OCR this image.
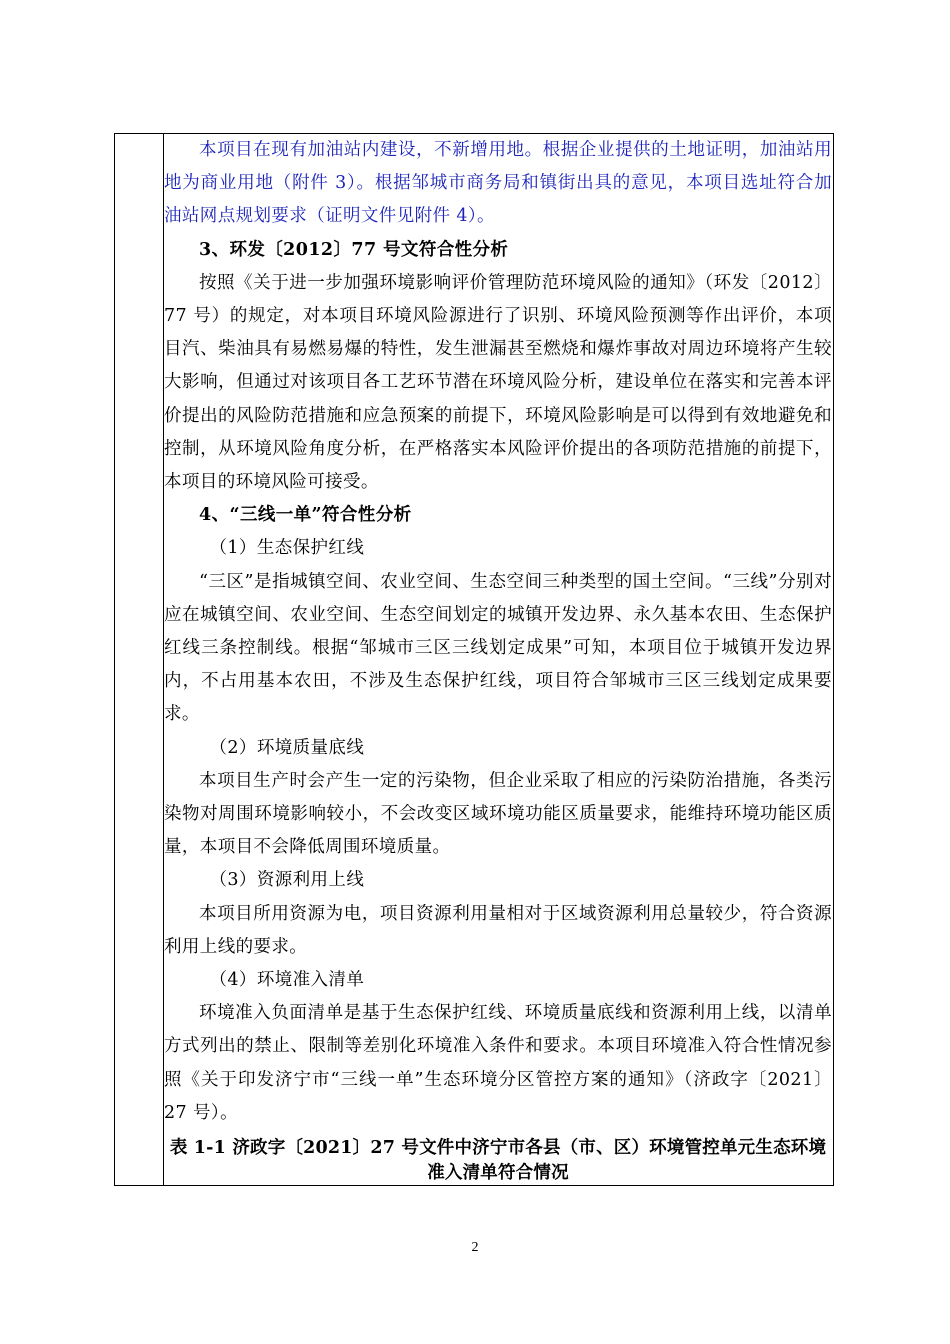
本项目在现有加油站内建设，不新增用地。根据企业提供的土地证明，加油站用地为商业用地（附件 3）。根据邹城市商务局和镇街出具的意见，本项目选址符合加油站网点规划要求（证明文件见附件 4）。

3、环发〔2012〕77 号文符合性分析

按照《关于进一步加强环境影响评价管理防范环境风险的通知》（环发〔2012〕77 号）的规定，对本项目环境风险源进行了识别、环境风险预测等作出评价，本项目汽、柴油具有易燃易爆的特性，发生泄漏甚至燃烧和爆炸事故对周边环境将产生较大影响，但通过对该项目各工艺环节潜在环境风险分析，建设单位在落实和完善本评价提出的风险防范措施和应急预案的前提下，环境风险影响是可以得到有效地避免和控制，从环境风险角度分析，在严格落实本风险评价提出的各项防范措施的前提下，本项目的环境风险可接受。

4、“三线一单”符合性分析

（1）生态保护红线

“三区”是指城镇空间、农业空间、生态空间三种类型的国土空间。“三线”分别对应在城镇空间、农业空间、生态空间划定的城镇开发边界、永久基本农田、生态保护红线三条控制线。根据“邹城市三区三线划定成果”可知，本项目位于城镇开发边界内，不占用基本农田，不涉及生态保护红线，项目符合邹城市三区三线划定成果要求。

（2）环境质量底线

本项目生产时会产生一定的污染物，但企业采取了相应的污染防治措施，各类污染物对周围环境影响较小，不会改变区域环境功能区质量要求，能维持环境功能区质量，本项目不会降低周围环境质量。

（3）资源利用上线

本项目所用资源为电，项目资源利用量相对于区域资源利用总量较少，符合资源利用上线的要求。

（4）环境准入清单

环境准入负面清单是基于生态保护红线、环境质量底线和资源利用上线，以清单方式列出的禁止、限制等差别化环境准入条件和要求。本项目环境准入符合性情况参照《关于印发济宁市“三线一单”生态环境分区管控方案的通知》（济政字〔2021〕27 号）。

表 1-1 济政字〔2021〕27 号文件中济宁市各县（市、区）环境管控单元生态环境准入清单符合情况

2
